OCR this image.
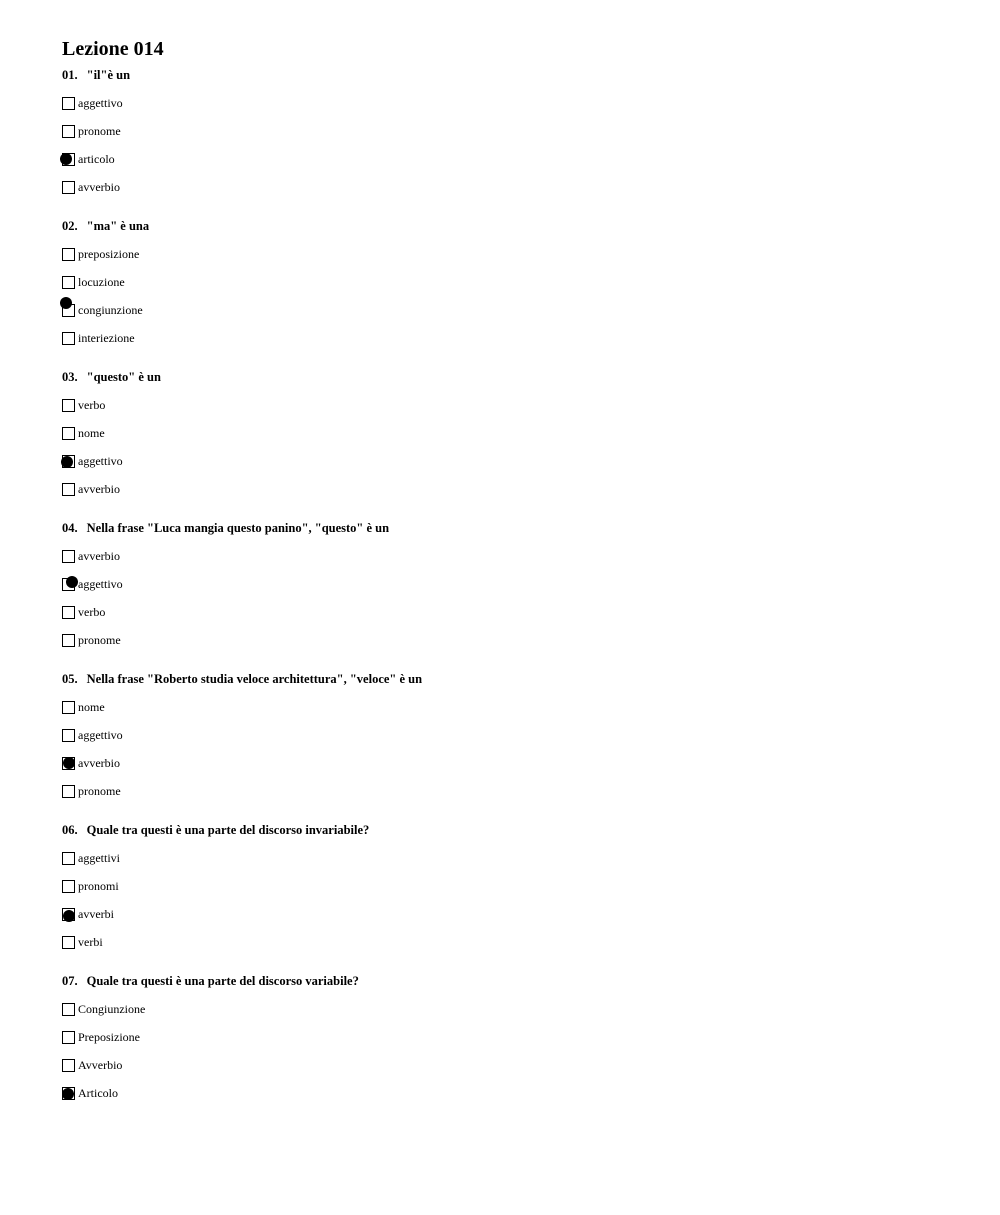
Lezione 014
01. "il"è un
aggettivo
pronome
articolo
avverbio
02. "ma" è una
preposizione
locuzione
congiunzione
interiezione
03. "questo" è un
verbo
nome
aggettivo
avverbio
04. Nella frase "Luca mangia questo panino", "questo" è un
avverbio
aggettivo
verbo
pronome
05. Nella frase "Roberto studia veloce architettura", "veloce" è un
nome
aggettivo
avverbio
pronome
06. Quale tra questi è una parte del discorso invariabile?
aggettivi
pronomi
avverbi
verbi
07. Quale tra questi è una parte del discorso variabile?
Congiunzione
Preposizione
Avverbio
Articolo
